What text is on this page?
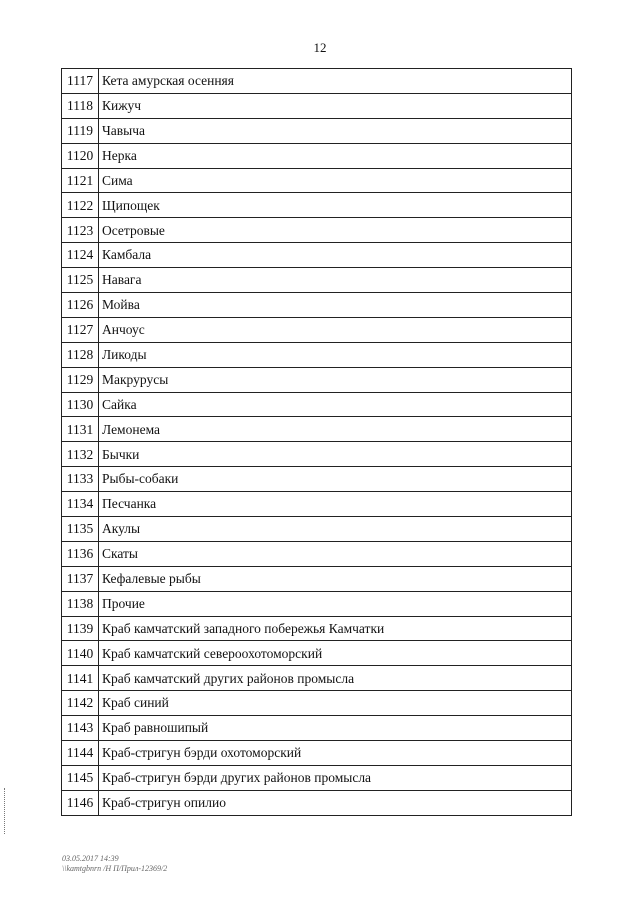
12
1117	Кета амурская осенняя
1118	Кижуч
1119	Чавыча
1120	Нерка
1121	Сима
1122	Щипощек
1123	Осетровые
1124	Камбала
1125	Навага
1126	Мойва
1127	Анчоус
1128	Ликоды
1129	Макрурусы
1130	Сайка
1131	Лемонема
1132	Бычки
1133	Рыбы-собаки
1134	Песчанка
1135	Акулы
1136	Скаты
1137	Кефалевые рыбы
1138	Прочие
1139	Краб камчатский западного побережья Камчатки
1140	Краб камчатский североохотоморский
1141	Краб камчатский других районов промысла
1142	Краб синий
1143	Краб равношипый
1144	Краб-стригун бэрди охотоморский
1145	Краб-стригун бэрди других районов промысла
1146	Краб-стригун опилио
03.05.2017 14:39
\\kamtgbnrn /Н П/Прил-12369/2
